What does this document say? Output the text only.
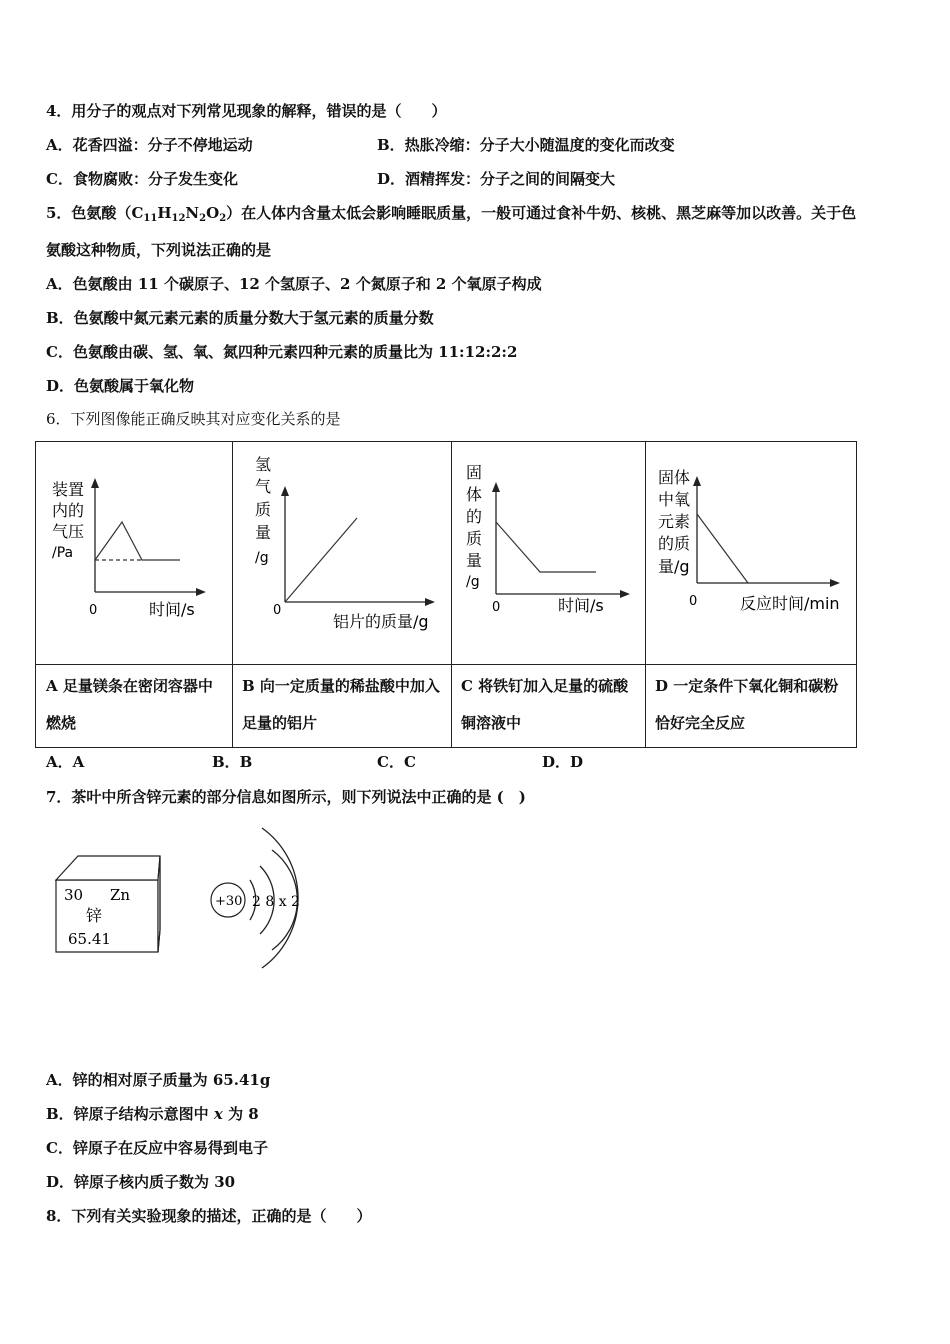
4．用分子的观点对下列常见现象的解释，错误的是（　　）
A．花香四溢：分子不停地运动	B．热胀冷缩：分子大小随温度的变化而改变
C．食物腐败：分子发生变化	D．酒精挥发：分子之间的间隔变大
5．色氨酸$(C_{11}H_{12}N_2O_2)$在人体内含量太低会影响睡眠质量，一般可通过食补牛奶、核桃、黑芝麻等加以改善。关于色
氨酸这种物质，下列说法正确的是
A．色氨酸由 11 个碳原子、12 个氢原子、2 个氮原子和 2 个氧原子构成
B．色氨酸中氮元素元素的质量分数大于氢元素的质量分数
C．色氨酸由碳、氢、氧、氮四种元素四种元素的质量比为 11:12:2:2
D．色氨酸属于氧化物
6．下列图像能正确反映其对应变化关系的是
装置
内的
气压
/Pa
0	时间/s
氢
气
质
量
/g
0
铝片的质量/g
固
体
的
质
量
/g
0	时间/s
固体
中氧
元素
的质
量/g
0	反应时间/min
A 足量镁条在密闭容器中燃烧
B 向一定质量的稀盐酸中加入足量的铝片
C 将铁钉加入足量的硫酸铜溶液中
D 一定条件下氧化铜和碳粉恰好完全反应
A．A	B．B	C．C	D．D
7．茶叶中所含锌元素的部分信息如图所示，则下列说法中正确的是 (　)
30 Zn
锌
65.41
+30 2 8 x 2
A．锌的相对原子质量为 65.41g
B．锌原子结构示意图中 x 为 8
C．锌原子在反应中容易得到电子
D．锌原子核内质子数为 30
8．下列有关实验现象的描述，正确的是（　　）
